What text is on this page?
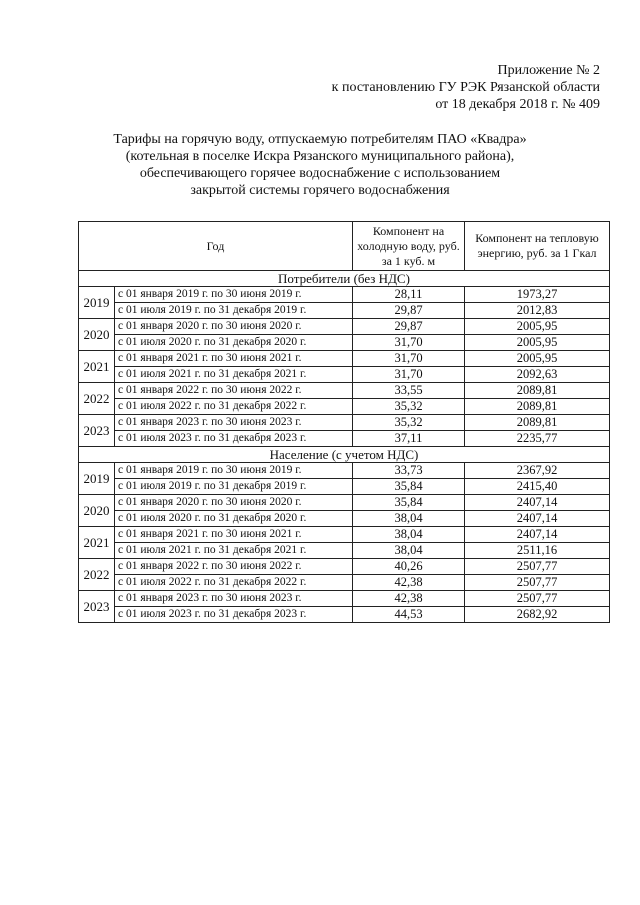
Приложение № 2
к постановлению ГУ РЭК Рязанской области
от 18 декабря 2018 г. № 409
Тарифы на горячую воду, отпускаемую потребителям ПАО «Квадра»
(котельная в поселке Искра Рязанского муниципального района),
обеспечивающего горячее водоснабжение с использованием
закрытой системы горячего водоснабжения
Год		Компонент на холодную воду, руб. за 1 куб. м	Компонент на тепловую энергию, руб. за 1 Гкал
Потребители (без НДС)			
2019	с 01 января 2019 г. по 30 июня 2019 г.	28,11	1973,27
	с 01 июля 2019 г. по 31 декабря 2019 г.	29,87	2012,83
2020	с 01 января 2020 г. по 30 июня 2020 г.	29,87	2005,95
	с 01 июля 2020 г. по 31 декабря 2020 г.	31,70	2005,95
2021	с 01 января 2021 г. по 30 июня 2021 г.	31,70	2005,95
	с 01 июля 2021 г. по 31 декабря 2021 г.	31,70	2092,63
2022	с 01 января 2022 г. по 30 июня 2022 г.	33,55	2089,81
	с 01 июля 2022 г. по 31 декабря 2022 г.	35,32	2089,81
2023	с 01 января 2023 г. по 30 июня 2023 г.	35,32	2089,81
	с 01 июля 2023 г. по 31 декабря 2023 г.	37,11	2235,77
Население (с учетом НДС)			
2019	с 01 января 2019 г. по 30 июня 2019 г.	33,73	2367,92
	с 01 июля 2019 г. по 31 декабря 2019 г.	35,84	2415,40
2020	с 01 января 2020 г. по 30 июня 2020 г.	35,84	2407,14
	с 01 июля 2020 г. по 31 декабря 2020 г.	38,04	2407,14
2021	с 01 января 2021 г. по 30 июня 2021 г.	38,04	2407,14
	с 01 июля 2021 г. по 31 декабря 2021 г.	38,04	2511,16
2022	с 01 января 2022 г. по 30 июня 2022 г.	40,26	2507,77
	с 01 июля 2022 г. по 31 декабря 2022 г.	42,38	2507,77
2023	с 01 января 2023 г. по 30 июня 2023 г.	42,38	2507,77
	с 01 июля 2023 г. по 31 декабря 2023 г.	44,53	2682,92
